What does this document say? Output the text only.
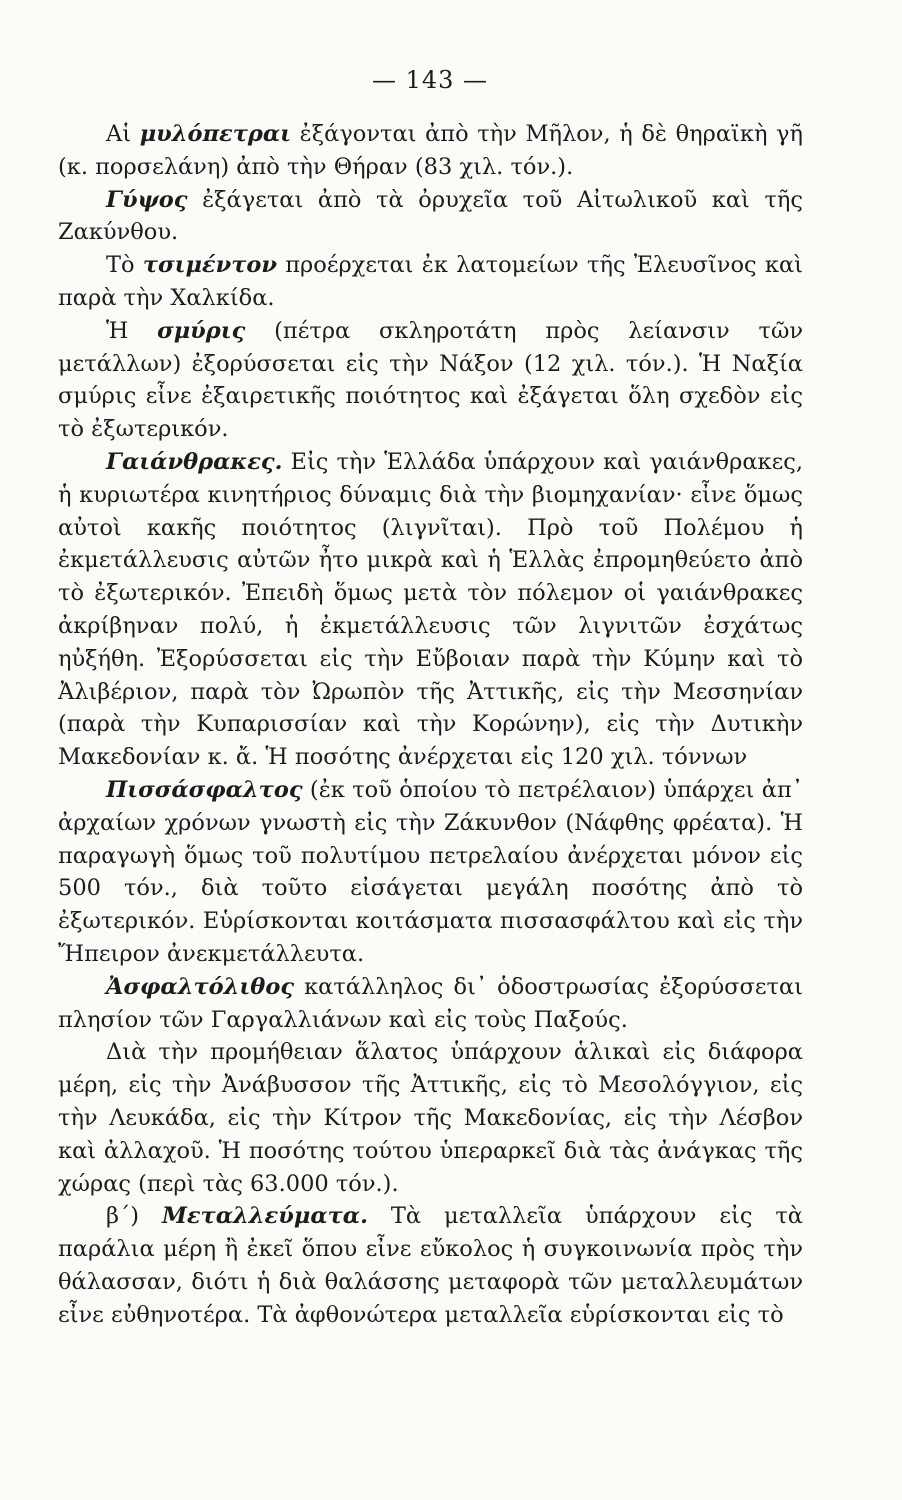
— 143 —

Αἱ μυλόπετραι ἐξάγονται ἀπὸ τὴν Μῆλον, ἡ δὲ θηραϊκὴ γῆ (κ. πορσελάνη) ἀπὸ τὴν Θήραν (83 χιλ. τόν.).

Γύψος ἐξάγεται ἀπὸ τὰ ὀρυχεῖα τοῦ Αἰτωλικοῦ καὶ τῆς Ζακύνθου.

Τὸ τσιμέντον προέρχεται ἐκ λατομείων τῆς Ἐλευσῖνος καὶ παρὰ τὴν Χαλκίδα.

Ἡ σμύρις (πέτρα σκληροτάτη πρὸς λείανσιν τῶν μετάλλων) ἐξορύσσεται εἰς τὴν Νάξον (12 χιλ. τόν.). Ἡ Ναξία σμύρις εἶνε ἐξαιρετικῆς ποιότητος καὶ ἐξάγεται ὅλη σχεδὸν εἰς τὸ ἐξωτερικόν.

Γαιάνθρακες. Εἰς τὴν Ἑλλάδα ὑπάρχουν καὶ γαιάνθρακες, ἡ κυριωτέρα κινητήριος δύναμις διὰ τὴν βιομηχανίαν· εἶνε ὅμως αὐτοὶ κακῆς ποιότητος (λιγνῖται). Πρὸ τοῦ Πολέμου ἡ ἐκμετάλλευσις αὐτῶν ἦτο μικρὰ καὶ ἡ Ἑλλὰς ἐπρομηθεύετο ἀπὸ τὸ ἐξωτερικόν. Ἐπειδὴ ὅμως μετὰ τὸν πόλεμον οἱ γαιάνθρακες ἀκρίβηναν πολύ, ἡ ἐκμετάλλευσις τῶν λιγνιτῶν ἐσχάτως ηὐξήθη. Ἐξορύσσεται εἰς τὴν Εὔβοιαν παρὰ τὴν Κύμην καὶ τὸ Ἀλιβέριον, παρὰ τὸν Ὠρωπὸν τῆς Ἀττικῆς, εἰς τὴν Μεσσηνίαν (παρὰ τὴν Κυπαρισσίαν καὶ τὴν Κορώνην), εἰς τὴν Δυτικὴν Μακεδονίαν κ. ἄ. Ἡ ποσότης ἀνέρχεται εἰς 120 χιλ. τόννων

Πισσάσφαλτος (ἐκ τοῦ ὁποίου τὸ πετρέλαιον) ὑπάρχει ἀπ᾽ ἀρχαίων χρόνων γνωστὴ εἰς τὴν Ζάκυνθον (Νάφθης φρέατα). Ἡ παραγωγὴ ὅμως τοῦ πολυτίμου πετρελαίου ἀνέρχεται μόνον εἰς 500 τόν., διὰ τοῦτο εἰσάγεται μεγάλη ποσότης ἀπὸ τὸ ἐξωτερικόν. Εὑρίσκονται κοιτάσματα πισσασφάλτου καὶ εἰς τὴν Ἤπειρον ἀνεκμετάλλευτα.

Ἀσφαλτόλιθος κατάλληλος δι᾽ ὁδοστρωσίας ἐξορύσσεται πλησίον τῶν Γαργαλλιάνων καὶ εἰς τοὺς Παξούς.

Διὰ τὴν προμήθειαν ἅλατος ὑπάρχουν ἁλικαὶ εἰς διάφορα μέρη, εἰς τὴν Ἀνάβυσσον τῆς Ἀττικῆς, εἰς τὸ Μεσολόγγιον, εἰς τὴν Λευκάδα, εἰς τὴν Κίτρον τῆς Μακεδονίας, εἰς τὴν Λέσβον καὶ ἀλλαχοῦ. Ἡ ποσότης τούτου ὑπεραρκεῖ διὰ τὰς ἀνάγκας τῆς χώρας (περὶ τὰς 63.000 τόν.).

β´) Μεταλλεύματα. Τὰ μεταλλεῖα ὑπάρχουν εἰς τὰ παράλια μέρη ἢ ἐκεῖ ὅπου εἶνε εὔκολος ἡ συγκοινωνία πρὸς τὴν θάλασσαν, διότι ἡ διὰ θαλάσσης μεταφορὰ τῶν μεταλλευμάτων εἶνε εὐθηνοτέρα. Τὰ ἀφθονώτερα μεταλλεῖα εὑρίσκονται εἰς τὸ
